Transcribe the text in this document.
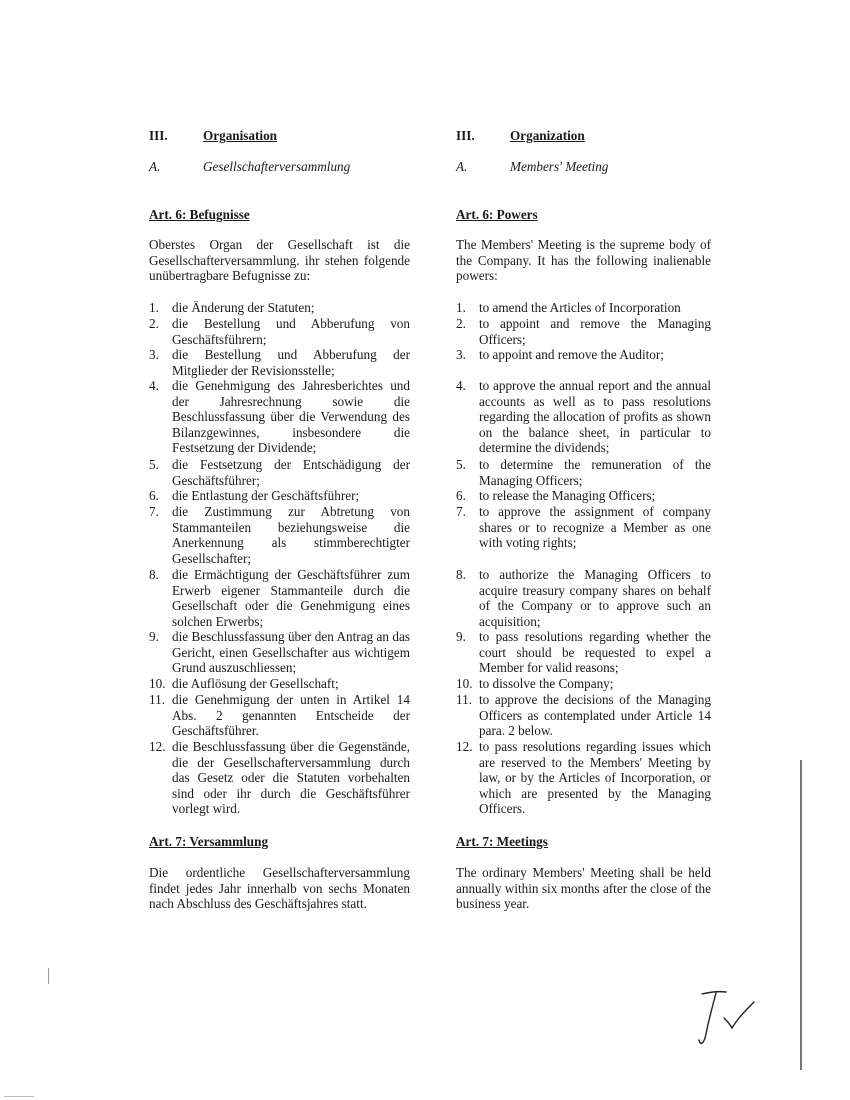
III.	Organisation
A.	Gesellschafterversammlung
Art. 6: Befugnisse
Oberstes Organ der Gesellschaft ist die Gesellschafterversammlung. ihr stehen folgende unübertragbare Befugnisse zu:
1. die Änderung der Statuten;
2. die Bestellung und Abberufung von Geschäftsführern;
3. die Bestellung und Abberufung der Mitglieder der Revisionsstelle;
4. die Genehmigung des Jahresberichtes und der Jahresrechnung sowie die Beschlussfassung über die Verwendung des Bilanzgewinnes, insbesondere die Festsetzung der Dividende;
5. die Festsetzung der Entschädigung der Geschäftsführer;
6. die Entlastung der Geschäftsführer;
7. die Zustimmung zur Abtretung von Stammanteilen beziehungsweise die Anerkennung als stimmberechtigter Gesellschafter;
8. die Ermächtigung der Geschäftsführer zum Erwerb eigener Stammanteile durch die Gesellschaft oder die Genehmigung eines solchen Erwerbs;
9. die Beschlussfassung über den Antrag an das Gericht, einen Gesellschafter aus wichtigem Grund auszuschliessen;
10. die Auflösung der Gesellschaft;
11. die Genehmigung der unten in Artikel 14 Abs. 2 genannten Entscheide der Geschäftsführer.
12. die Beschlussfassung über die Gegenstände, die der Gesellschafterversammlung durch das Gesetz oder die Statuten vorbehalten sind oder ihr durch die Geschäftsführer vorlegt wird.
Art. 7: Versammlung
Die ordentliche Gesellschafterversammlung findet jedes Jahr innerhalb von sechs Monaten nach Abschluss des Geschäftsjahres statt.
III.	Organization
A.	Members' Meeting
Art. 6: Powers
The Members' Meeting is the supreme body of the Company. It has the following inalienable powers:
1. to amend the Articles of Incorporation
2. to appoint and remove the Managing Officers;
3. to appoint and remove the Auditor;
4. to approve the annual report and the annual accounts as well as to pass resolutions regarding the allocation of profits as shown on the balance sheet, in particular to determine the dividends;
5. to determine the remuneration of the Managing Officers;
6. to release the Managing Officers;
7. to approve the assignment of company shares or to recognize a Member as one with voting rights;
8. to authorize the Managing Officers to acquire treasury company shares on behalf of the Company or to approve such an acquisition;
9. to pass resolutions regarding whether the court should be requested to expel a Member for valid reasons;
10. to dissolve the Company;
11. to approve the decisions of the Managing Officers as contemplated under Article 14 para. 2 below.
12. to pass resolutions regarding issues which are reserved to the Members' Meeting by law, or by the Articles of Incorporation, or which are presented by the Managing Officers.
Art. 7: Meetings
The ordinary Members' Meeting shall be held annually within six months after the close of the business year.
